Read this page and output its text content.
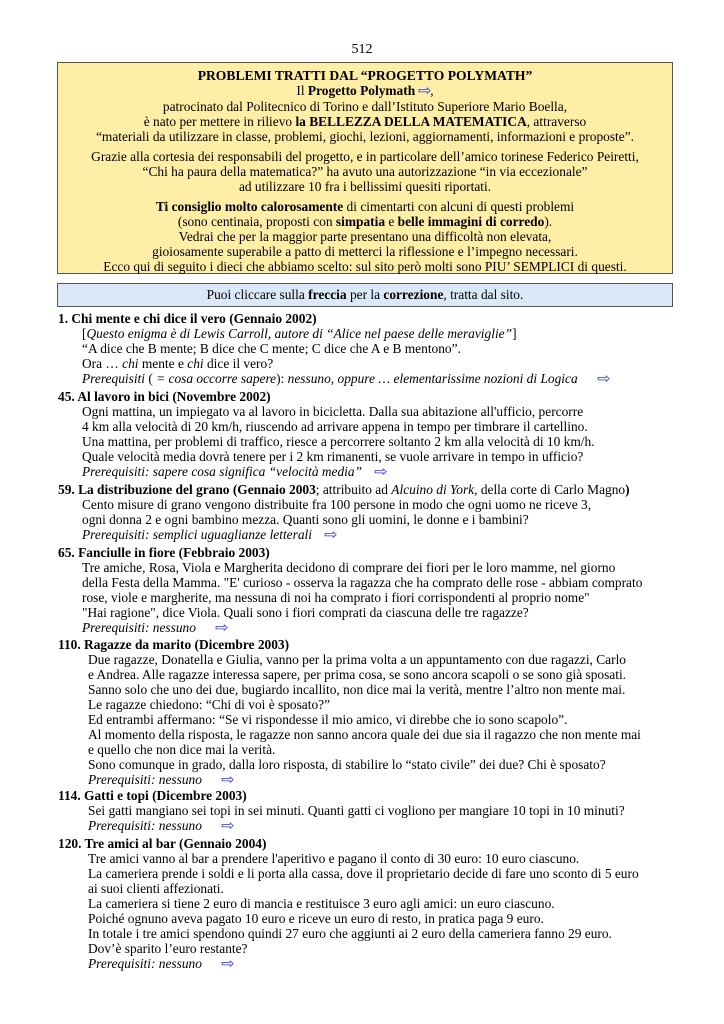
512

PROBLEMI TRATTI DAL “PROGETTO POLYMATH”

Il Progetto Polymath ⇨,

patrocinato dal Politecnico di Torino e dall’Istituto Superiore Mario Boella,

è nato per mettere in rilievo la BELLEZZA DELLA MATEMATICA, attraverso

“materiali da utilizzare in classe, problemi, giochi, lezioni, aggiornamenti, informazioni e proposte”.

Grazie alla cortesia dei responsabili del progetto, e in particolare dell’amico torinese Federico Peiretti,

“Chi ha paura della matematica?” ha avuto una autorizzazione “in via eccezionale”

ad utilizzare 10 fra i bellissimi quesiti riportati.

Ti consiglio molto calorosamente di cimentarti con alcuni di questi problemi

(sono centinaia, proposti con simpatia e belle immagini di corredo).

Vedrai che per la maggior parte presentano una difficoltà non elevata,

gioiosamente superabile a patto di metterci la riflessione e l’impegno necessari.

Ecco qui di seguito i dieci che abbiamo scelto: sul sito però molti sono PIU’ SEMPLICI di questi.

Puoi cliccare sulla freccia per la correzione, tratta dal sito.
1. Chi mente e chi dice il vero (Gennaio 2002)
[Questo enigma è di Lewis Carroll, autore di “Alice nel paese delle meraviglie”]
“A dice che B mente; B dice che C mente; C dice che A e B mentono”.
Ora … chi mente e chi dice il vero?
Prerequisiti ( = cosa occorre sapere): nessuno, oppure … elementarissime nozioni di Logica ⇨
45. Al lavoro in bici (Novembre 2002)
Ogni mattina, un impiegato va al lavoro in bicicletta. Dalla sua abitazione all'ufficio, percorre
4 km alla velocità di 20 km/h, riuscendo ad arrivare appena in tempo per timbrare il cartellino.
Una mattina, per problemi di traffico, riesce a percorrere soltanto 2 km alla velocità di 10 km/h.
Quale velocità media dovrà tenere per i 2 km rimanenti, se vuole arrivare in tempo in ufficio?
Prerequisiti: sapere cosa significa “velocità media” ⇨
59. La distribuzione del grano (Gennaio 2003; attribuito ad Alcuino di York, della corte di Carlo Magno)
Cento misure di grano vengono distribuite fra 100 persone in modo che ogni uomo ne riceve 3,
ogni donna 2 e ogni bambino mezza. Quanti sono gli uomini, le donne e i bambini?
Prerequisiti: semplici uguaglianze letterali ⇨
65. Fanciulle in fiore (Febbraio 2003)
Tre amiche, Rosa, Viola e Margherita decidono di comprare dei fiori per le loro mamme, nel giorno
della Festa della Mamma. "E' curioso - osserva la ragazza che ha comprato delle rose - abbiam comprato
rose, viole e margherite, ma nessuna di noi ha comprato i fiori corrispondenti al proprio nome"
"Hai ragione", dice Viola. Quali sono i fiori comprati da ciascuna delle tre ragazze?
Prerequisiti: nessuno ⇨
110. Ragazze da marito (Dicembre 2003)
Due ragazze, Donatella e Giulia, vanno per la prima volta a un appuntamento con due ragazzi, Carlo
e Andrea. Alle ragazze interessa sapere, per prima cosa, se sono ancora scapoli o se sono già sposati.
Sanno solo che uno dei due, bugiardo incallito, non dice mai la verità, mentre l’altro non mente mai.
Le ragazze chiedono: “Chi di voi è sposato?”
Ed entrambi affermano: “Se vi rispondesse il mio amico, vi direbbe che io sono scapolo”.
Al momento della risposta, le ragazze non sanno ancora quale dei due sia il ragazzo che non mente mai
e quello che non dice mai la verità.
Sono comunque in grado, dalla loro risposta, di stabilire lo “stato civile” dei due? Chi è sposato?
Prerequisiti: nessuno ⇨
114. Gatti e topi (Dicembre 2003)
Sei gatti mangiano sei topi in sei minuti. Quanti gatti ci vogliono per mangiare 10 topi in 10 minuti?
Prerequisiti: nessuno ⇨
120. Tre amici al bar (Gennaio 2004)
Tre amici vanno al bar a prendere l'aperitivo e pagano il conto di 30 euro: 10 euro ciascuno.
La cameriera prende i soldi e li porta alla cassa, dove il proprietario decide di fare uno sconto di 5 euro
ai suoi clienti affezionati.
La cameriera si tiene 2 euro di mancia e restituisce 3 euro agli amici: un euro ciascuno.
Poiché ognuno aveva pagato 10 euro e riceve un euro di resto, in pratica paga 9 euro.
In totale i tre amici spendono quindi 27 euro che aggiunti ai 2 euro della cameriera fanno 29 euro.
Dov’è sparito l’euro restante?
Prerequisiti: nessuno ⇨
